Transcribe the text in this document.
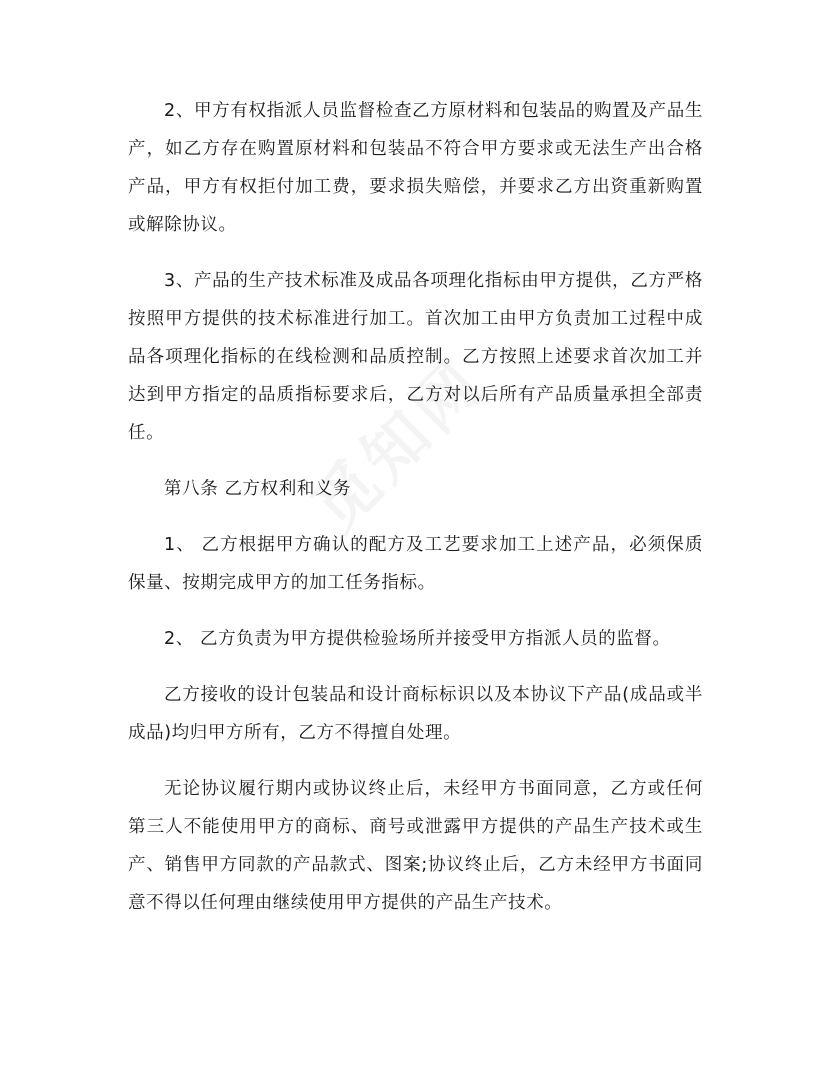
2、甲方有权指派人员监督检查乙方原材料和包装品的购置及产品生产，如乙方存在购置原材料和包装品不符合甲方要求或无法生产出合格产品，甲方有权拒付加工费，要求损失赔偿，并要求乙方出资重新购置或解除协议。

3、产品的生产技术标准及成品各项理化指标由甲方提供，乙方严格按照甲方提供的技术标准进行加工。首次加工由甲方负责加工过程中成品各项理化指标的在线检测和品质控制。乙方按照上述要求首次加工并达到甲方指定的品质指标要求后，乙方对以后所有产品质量承担全部责任。

第八条 乙方权利和义务

1、 乙方根据甲方确认的配方及工艺要求加工上述产品，必须保质保量、按期完成甲方的加工任务指标。

2、 乙方负责为甲方提供检验场所并接受甲方指派人员的监督。

乙方接收的设计包装品和设计商标标识以及本协议下产品(成品或半成品)均归甲方所有，乙方不得擅自处理。

无论协议履行期内或协议终止后，未经甲方书面同意，乙方或任何第三人不能使用甲方的商标、商号或泄露甲方提供的产品生产技术或生产、销售甲方同款的产品款式、图案;协议终止后，乙方未经甲方书面同意不得以任何理由继续使用甲方提供的产品生产技术。
